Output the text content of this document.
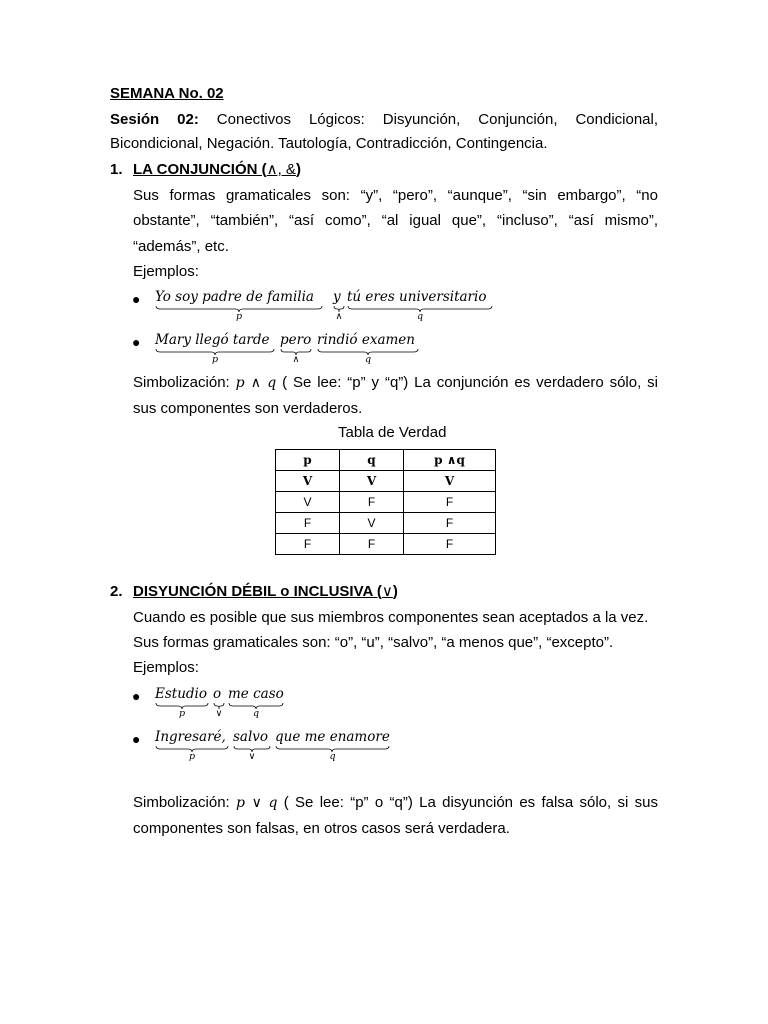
SEMANA No. 02
Sesión 02: Conectivos Lógicos: Disyunción, Conjunción, Condicional,
Bicondicional, Negación. Tautología, Contradicción, Contingencia.
1. LA CONJUNCIÓN (∧, &)
Sus formas gramaticales son: “y”, “pero”, “aunque”, “sin embargo”, “no
obstante”, “también”, “así como”, “al igual que”, “incluso”, “así mismo”,
“además”, etc.
Ejemplos:
● Yo soy padre de familia
p
y
∧
tú eres universitario
q
● Mary llegó tarde
p
pero
∧
rindió examen
q
Simbolización: p ∧ q ( Se lee: “p” y “q”) La conjunción es verdadero sólo, si
sus componentes son verdaderos.
Tabla de Verdad
p	q	p ∧q
V	V	V
V	F	F
F	V	F
F	F	F
2. DISYUNCIÓN DÉBIL o INCLUSIVA (∨)
Cuando es posible que sus miembros componentes sean aceptados a la vez.
Sus formas gramaticales son: “o”, “u”, “salvo”, “a menos que”, “excepto”.
Ejemplos:
● Estudio
p
o
∨
me caso
q
● Ingresaré,
p
salvo
∨
que me enamore
q
Simbolización: p ∨ q ( Se lee: “p” o “q”) La disyunción es falsa sólo, si sus
componentes son falsas, en otros casos será verdadera.
